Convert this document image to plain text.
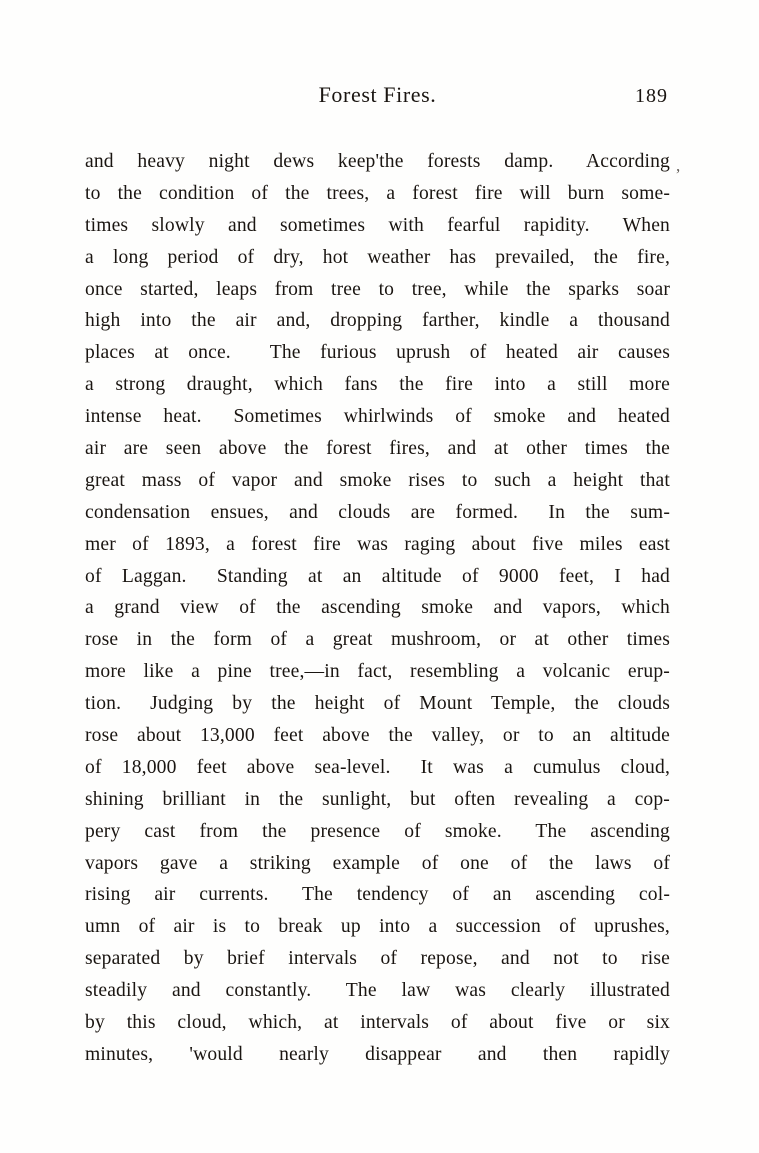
Forest Fires.	189
and heavy night dews keep'the forests damp.  According
to the condition of the trees, a forest fire will burn some-
times slowly and sometimes with fearful rapidity.  When
a long period of dry, hot weather has prevailed, the fire,
once started, leaps from tree to tree, while the sparks soar
high into the air and, dropping farther, kindle a thousand
places at once.  The furious uprush of heated air causes
a strong draught, which fans the fire into a still more
intense heat.  Sometimes whirlwinds of smoke and heated
air are seen above the forest fires, and at other times the
great mass of vapor and smoke rises to such a height that
condensation ensues, and clouds are formed.  In the sum-
mer of 1893, a forest fire was raging about five miles east
of Laggan.  Standing at an altitude of 9000 feet, I had
a grand view of the ascending smoke and vapors, which
rose in the form of a great mushroom, or at other times
more like a pine tree,—in fact, resembling a volcanic erup-
tion.  Judging by the height of Mount Temple, the clouds
rose about 13,000 feet above the valley, or to an altitude
of 18,000 feet above sea-level.  It was a cumulus cloud,
shining brilliant in the sunlight, but often revealing a cop-
pery cast from the presence of smoke.  The ascending
vapors gave a striking example of one of the laws of
rising air currents.  The tendency of an ascending col-
umn of air is to break up into a succession of uprushes,
separated by brief intervals of repose, and not to rise
steadily and constantly.  The law was clearly illustrated
by this cloud, which, at intervals of about five or six
minutes, 'would nearly disappear and then rapidly
,
